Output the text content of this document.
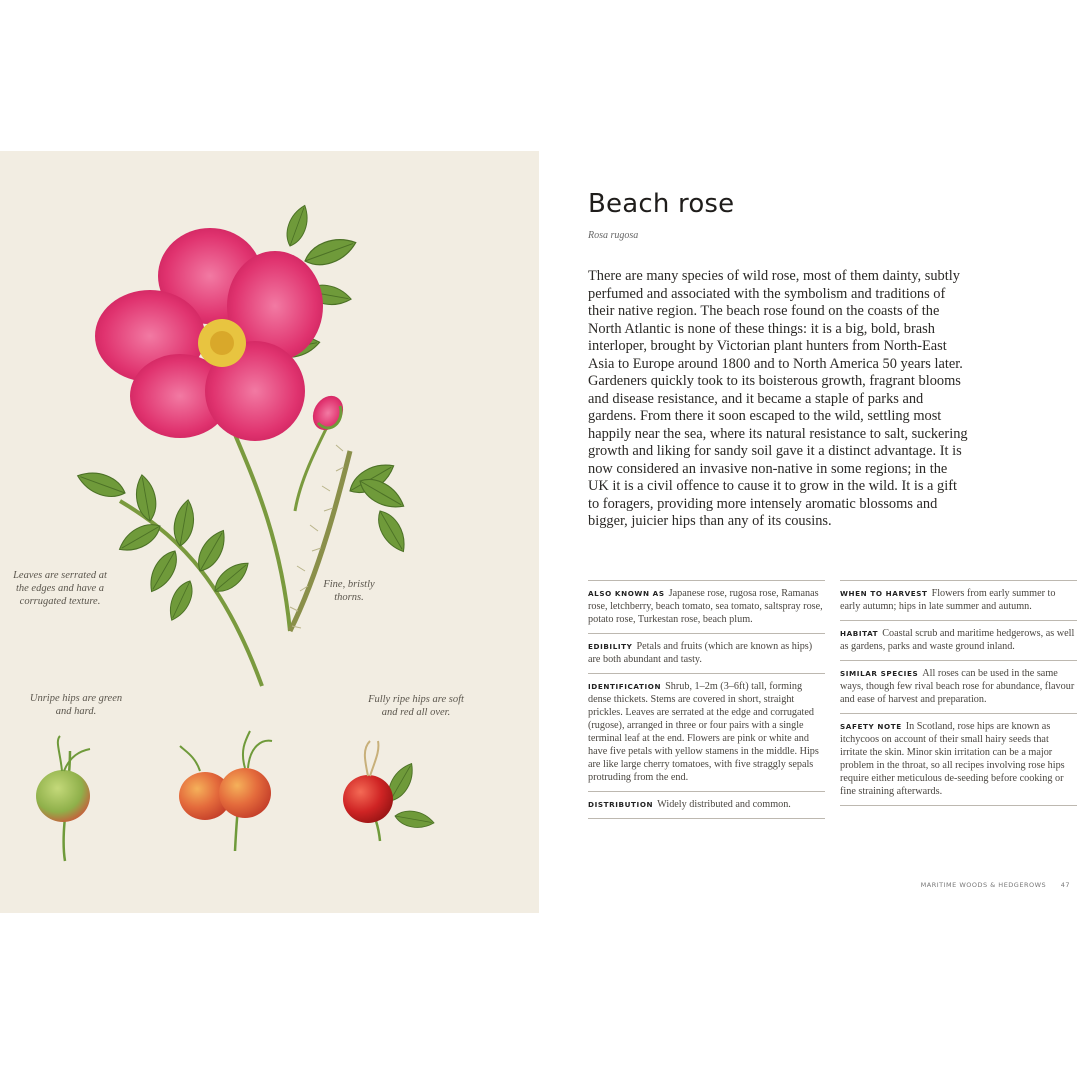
Leaves are serrated at the edges and have a corrugated texture.
Fine, bristly thorns.
Unripe hips are green and hard.
Fully ripe hips are soft and red all over.
Beach rose
Rosa rugosa

There are many species of wild rose, most of them dainty, subtly perfumed and associated with the symbolism and traditions of their native region. The beach rose found on the coasts of the North Atlantic is none of these things: it is a big, bold, brash interloper, brought by Victorian plant hunters from North-East Asia to Europe around 1800 and to North America 50 years later. Gardeners quickly took to its boisterous growth, fragrant blooms and disease resistance, and it became a staple of parks and gardens. From there it soon escaped to the wild, settling most happily near the sea, where its natural resistance to salt, suckering growth and liking for sandy soil gave it a distinct advantage. It is now considered an invasive non-native in some regions; in the UK it is a civil offence to cause it to grow in the wild. It is a gift to foragers, providing more intensely aromatic blossoms and bigger, juicier hips than any of its cousins.

ALSO KNOWN AS Japanese rose, rugosa rose, Ramanas rose, letchberry, beach tomato, sea tomato, saltspray rose, potato rose, Turkestan rose, beach plum.
EDIBILITY Petals and fruits (which are known as hips) are both abundant and tasty.
IDENTIFICATION Shrub, 1–2m (3–6ft) tall, forming dense thickets. Stems are covered in short, straight prickles. Leaves are serrated at the edge and corrugated (rugose), arranged in three or four pairs with a single terminal leaf at the end. Flowers are pink or white and have five petals with yellow stamens in the middle. Hips are like large cherry tomatoes, with five straggly sepals protruding from the end.
DISTRIBUTION Widely distributed and common.
WHEN TO HARVEST Flowers from early summer to early autumn; hips in late summer and autumn.
HABITAT Coastal scrub and maritime hedgerows, as well as gardens, parks and waste ground inland.
SIMILAR SPECIES All roses can be used in the same ways, though few rival beach rose for abundance, flavour and ease of harvest and preparation.
SAFETY NOTE In Scotland, rose hips are known as itchycoos on account of their small hairy seeds that irritate the skin. Minor skin irritation can be a major problem in the throat, so all recipes involving rose hips require either meticulous de-seeding before cooking or fine straining afterwards.
MARITIME WOODS & HEDGEROWS 47
